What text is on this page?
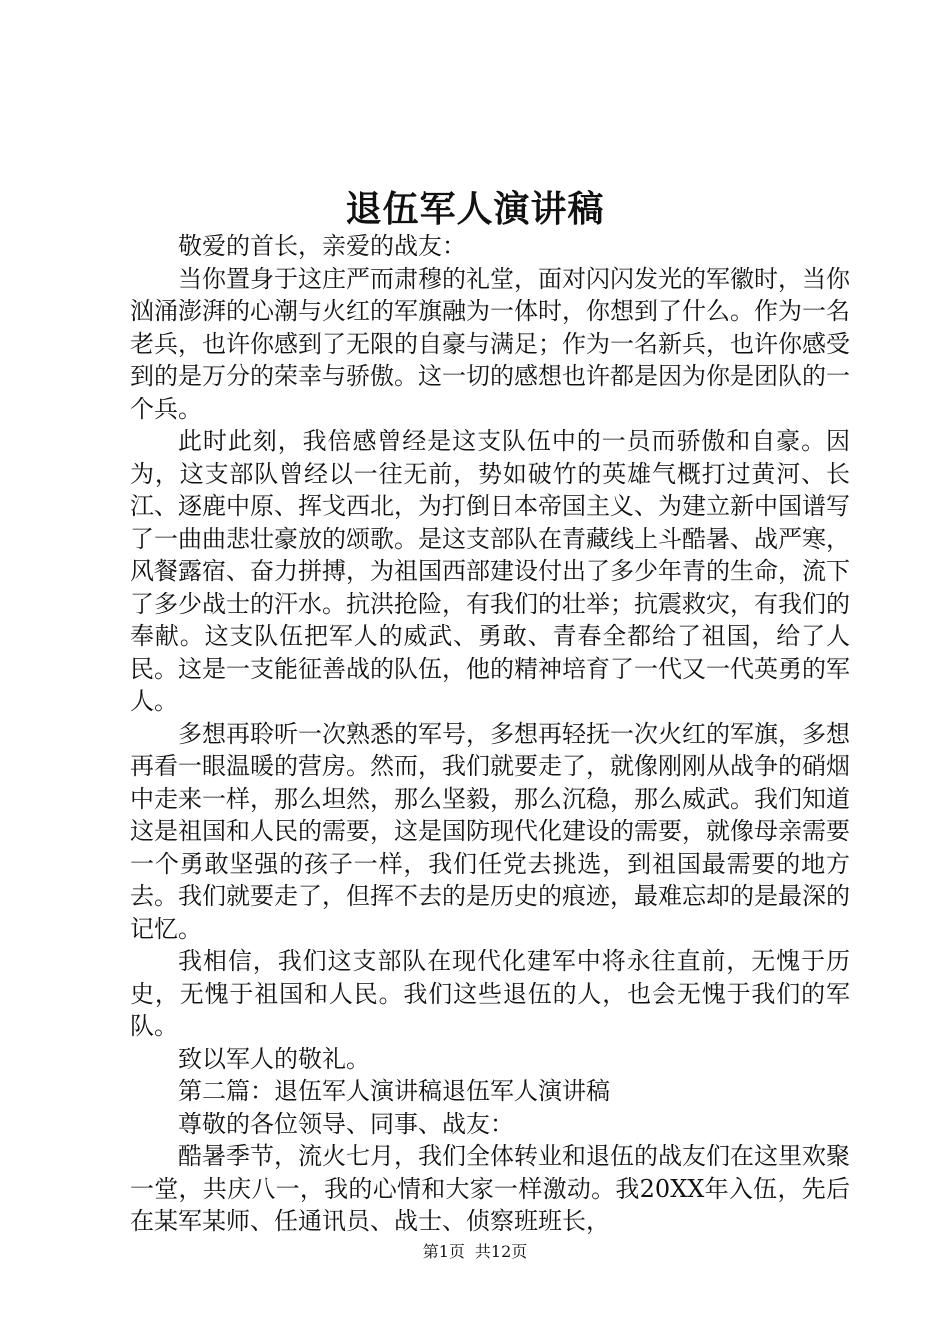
退伍军人演讲稿

敬爱的首长，亲爱的战友：

当你置身于这庄严而肃穆的礼堂，面对闪闪发光的军徽时，当你汹涌澎湃的心潮与火红的军旗融为一体时，你想到了什么。作为一名老兵，也许你感到了无限的自豪与满足；作为一名新兵，也许你感受到的是万分的荣幸与骄傲。这一切的感想也许都是因为你是团队的一个兵。

此时此刻，我倍感曾经是这支队伍中的一员而骄傲和自豪。因为，这支部队曾经以一往无前，势如破竹的英雄气概打过黄河、长江、逐鹿中原、挥戈西北，为打倒日本帝国主义、为建立新中国谱写了一曲曲悲壮豪放的颂歌。是这支部队在青藏线上斗酷暑、战严寒，风餐露宿、奋力拼搏，为祖国西部建设付出了多少年青的生命，流下了多少战士的汗水。抗洪抢险，有我们的壮举；抗震救灾，有我们的奉献。这支队伍把军人的威武、勇敢、青春全都给了祖国，给了人民。这是一支能征善战的队伍，他的精神培育了一代又一代英勇的军人。

多想再聆听一次熟悉的军号，多想再轻抚一次火红的军旗，多想再看一眼温暖的营房。然而，我们就要走了，就像刚刚从战争的硝烟中走来一样，那么坦然，那么坚毅，那么沉稳，那么威武。我们知道这是祖国和人民的需要，这是国防现代化建设的需要，就像母亲需要一个勇敢坚强的孩子一样，我们任党去挑选，到祖国最需要的地方去。我们就要走了，但挥不去的是历史的痕迹，最难忘却的是最深的记忆。

我相信，我们这支部队在现代化建军中将永往直前，无愧于历史，无愧于祖国和人民。我们这些退伍的人，也会无愧于我们的军队。

致以军人的敬礼。

第二篇：退伍军人演讲稿退伍军人演讲稿

尊敬的各位领导、同事、战友：

酷暑季节，流火七月，我们全体转业和退伍的战友们在这里欢聚一堂，共庆八一，我的心情和大家一样激动。我20XX年入伍，先后在某军某师、任通讯员、战士、侦察班班长，

第1页 共12页
